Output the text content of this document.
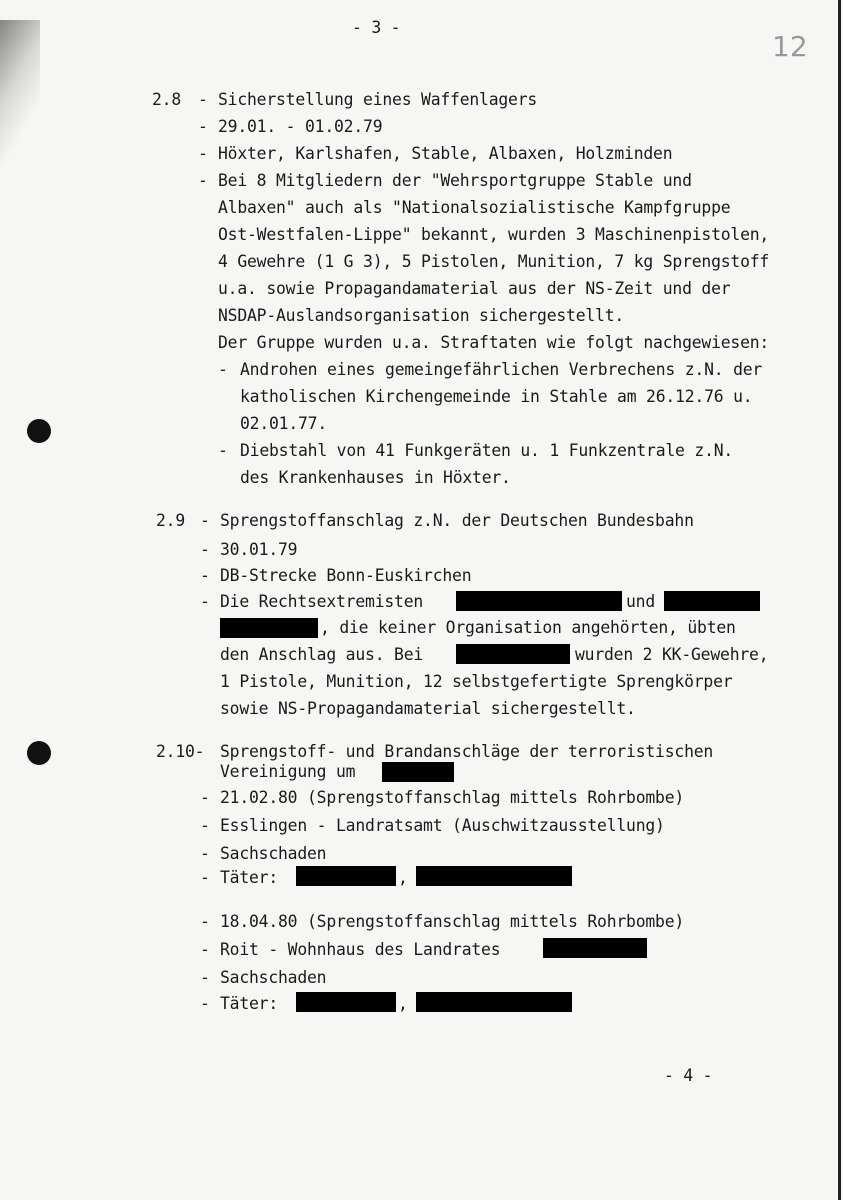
- 3 -
12
2.8 - Sicherstellung eines Waffenlagers
- 29.01. - 01.02.79
- Höxter, Karlshafen, Stable, Albaxen, Holzminden
- Bei 8 Mitgliedern der "Wehrsportgruppe Stable und
Albaxen" auch als "Nationalsozialistische Kampfgruppe
Ost-Westfalen-Lippe" bekannt, wurden 3 Maschinenpistolen,
4 Gewehre (1 G 3), 5 Pistolen, Munition, 7 kg Sprengstoff
u.a. sowie Propagandamaterial aus der NS-Zeit und der
NSDAP-Auslandsorganisation sichergestellt.
Der Gruppe wurden u.a. Straftaten wie folgt nachgewiesen:
- Androhen eines gemeingefährlichen Verbrechens z.N. der
katholischen Kirchengemeinde in Stahle am 26.12.76 u.
02.01.77.
- Diebstahl von 41 Funkgeräten u. 1 Funkzentrale z.N.
des Krankenhauses in Höxter.
2.9 - Sprengstoffanschlag z.N. der Deutschen Bundesbahn
- 30.01.79
- DB-Strecke Bonn-Euskirchen
- Die Rechtsextremisten	und
, die keiner Organisation angehörten, übten
den Anschlag aus. Bei	wurden 2 KK-Gewehre,
1 Pistole, Munition, 12 selbstgefertigte Sprengkörper
sowie NS-Propagandamaterial sichergestellt.
2.10- Sprengstoff- und Brandanschläge der terroristischen
Vereinigung um
- 21.02.80 (Sprengstoffanschlag mittels Rohrbombe)
- Esslingen - Landratsamt (Auschwitzausstellung)
- Sachschaden
- Täter:	,
- 18.04.80 (Sprengstoffanschlag mittels Rohrbombe)
- Roit - Wohnhaus des Landrates
- Sachschaden
- Täter:	,
- 4 -
